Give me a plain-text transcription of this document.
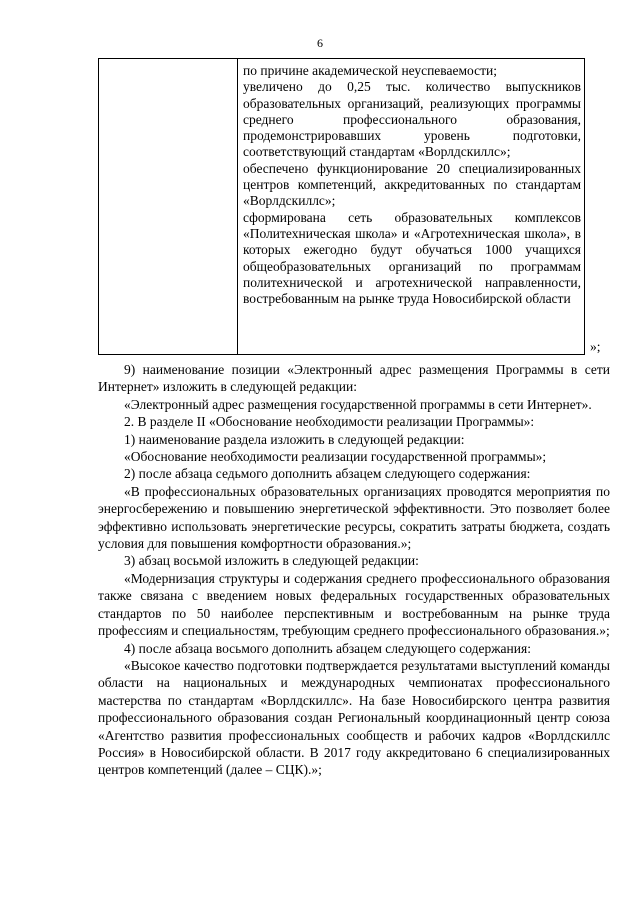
6

по причине академической неуспеваемости;

увеличено до 0,25 тыс. количество выпускников образовательных организаций, реализующих программы среднего профессионального образования, продемонстрировавших уровень подготовки, соответствующий стандартам «Ворлдскиллс»;

обеспечено функционирование 20 специализированных центров компетенций, аккредитованных по стандартам «Ворлдскиллс»;

сформирована сеть образовательных комплексов «Политехническая школа» и «Агротехническая школа», в которых ежегодно будут обучаться 1000 учащихся общеобразовательных организаций по программам политехнической и агротехнической направленности, востребованным на рынке труда Новосибирской области

»;

9) наименование позиции «Электронный адрес размещения Программы в сети Интернет» изложить в следующей редакции:

«Электронный адрес размещения государственной программы в сети Интернет».

2. В разделе II «Обоснование необходимости реализации Программы»:

1) наименование раздела изложить в следующей редакции:

«Обоснование необходимости реализации государственной программы»;

2) после абзаца седьмого дополнить абзацем следующего содержания:

«В профессиональных образовательных организациях проводятся мероприятия по энергосбережению и повышению энергетической эффективности. Это позволяет более эффективно использовать энергетические ресурсы, сократить затраты бюджета, создать условия для повышения комфортности образования.»;

3) абзац восьмой изложить в следующей редакции:

«Модернизация структуры и содержания среднего профессионального образования также связана с введением новых федеральных государственных образовательных стандартов по 50 наиболее перспективным и востребованным на рынке труда профессиям и специальностям, требующим среднего профессионального образования.»;

4) после абзаца восьмого дополнить абзацем следующего содержания:

«Высокое качество подготовки подтверждается результатами выступлений команды области на национальных и международных чемпионатах профессионального мастерства по стандартам «Ворлдскиллс». На базе Новосибирского центра развития профессионального образования создан Региональный координационный центр союза «Агентство развития профессиональных сообществ и рабочих кадров «Ворлдскиллс Россия» в Новосибирской области. В 2017 году аккредитовано 6 специализированных центров компетенций (далее – СЦК).»;
